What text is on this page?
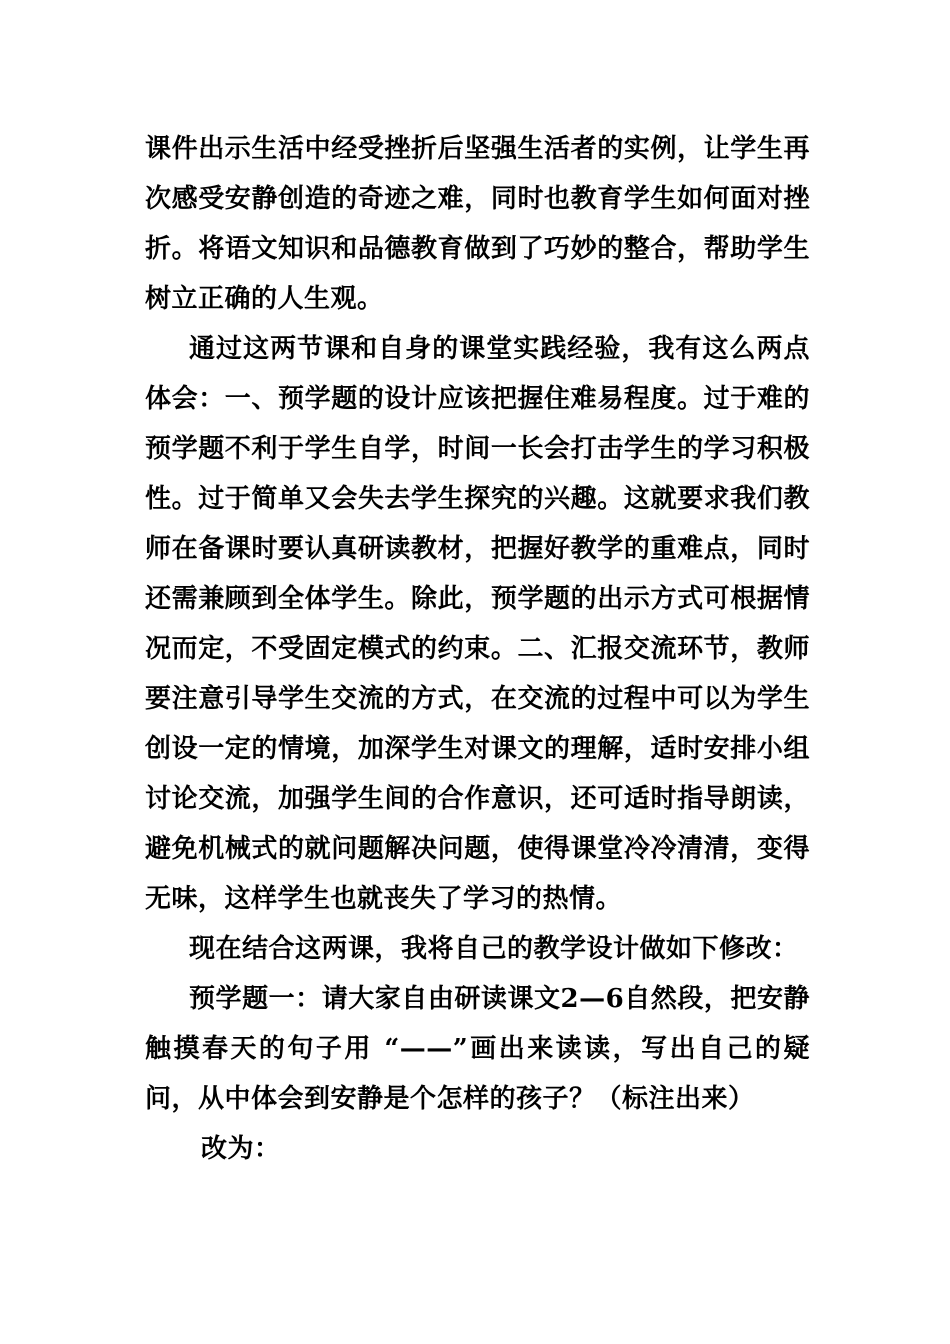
课件出示生活中经受挫折后坚强生活者的实例，让学生再次感受安静创造的奇迹之难，同时也教育学生如何面对挫折。将语文知识和品德教育做到了巧妙的整合，帮助学生树立正确的人生观。

通过这两节课和自身的课堂实践经验，我有这么两点体会：一、预学题的设计应该把握住难易程度。过于难的预学题不利于学生自学，时间一长会打击学生的学习积极性。过于简单又会失去学生探究的兴趣。这就要求我们教师在备课时要认真研读教材，把握好教学的重难点，同时还需兼顾到全体学生。除此，预学题的出示方式可根据情况而定，不受固定模式的约束。二、汇报交流环节，教师要注意引导学生交流的方式，在交流的过程中可以为学生创设一定的情境，加深学生对课文的理解，适时安排小组讨论交流，加强学生间的合作意识，还可适时指导朗读，避免机械式的就问题解决问题，使得课堂冷冷清清，变得无味，这样学生也就丧失了学习的热情。

现在结合这两课，我将自己的教学设计做如下修改：

预学题一：请大家自由研读课文2—6自然段，把安静触摸春天的句子用 “——”画出来读读，写出自己的疑问，从中体会到安静是个怎样的孩子？（标注出来）

改为：
